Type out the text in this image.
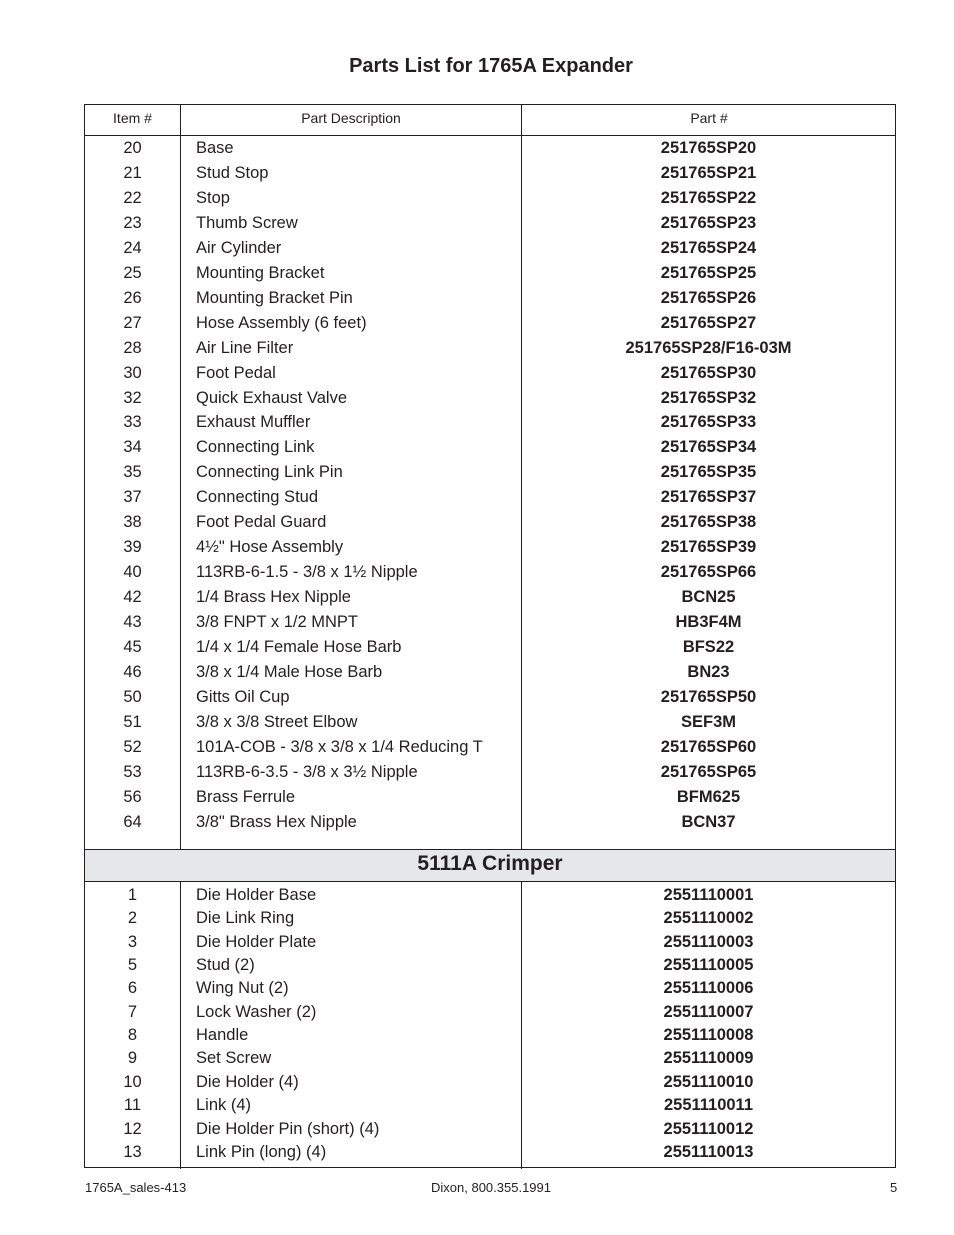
Parts List for 1765A Expander
Item #	Part Description	Part #
20	Base	251765SP20
21	Stud Stop	251765SP21
22	Stop	251765SP22
23	Thumb Screw	251765SP23
24	Air Cylinder	251765SP24
25	Mounting Bracket	251765SP25
26	Mounting Bracket Pin	251765SP26
27	Hose Assembly (6 feet)	251765SP27
28	Air Line Filter	251765SP28/F16-03M
30	Foot Pedal	251765SP30
32	Quick Exhaust Valve	251765SP32
33	Exhaust Muffler	251765SP33
34	Connecting Link	251765SP34
35	Connecting Link Pin	251765SP35
37	Connecting Stud	251765SP37
38	Foot Pedal Guard	251765SP38
39	4½" Hose Assembly	251765SP39
40	113RB-6-1.5 - 3/8 x 1½ Nipple	251765SP66
42	1/4 Brass Hex Nipple	BCN25
43	3/8 FNPT x 1/2 MNPT	HB3F4M
45	1/4 x 1/4 Female Hose Barb	BFS22
46	3/8 x 1/4 Male Hose Barb	BN23
50	Gitts Oil Cup	251765SP50
51	3/8 x 3/8 Street Elbow	SEF3M
52	101A-COB - 3/8 x 3/8 x 1/4 Reducing T	251765SP60
53	113RB-6-3.5 - 3/8 x 3½ Nipple	251765SP65
56	Brass Ferrule	BFM625
64	3/8" Brass Hex Nipple	BCN37
5111A Crimper
1	Die Holder Base	2551110001
2	Die Link Ring	2551110002
3	Die Holder Plate	2551110003
5	Stud (2)	2551110005
6	Wing Nut (2)	2551110006
7	Lock Washer (2)	2551110007
8	Handle	2551110008
9	Set Screw	2551110009
10	Die Holder (4)	2551110010
11	Link (4)	2551110011
12	Die Holder Pin (short) (4)	2551110012
13	Link Pin (long) (4)	2551110013
1765A_sales-413	Dixon, 800.355.1991	5
